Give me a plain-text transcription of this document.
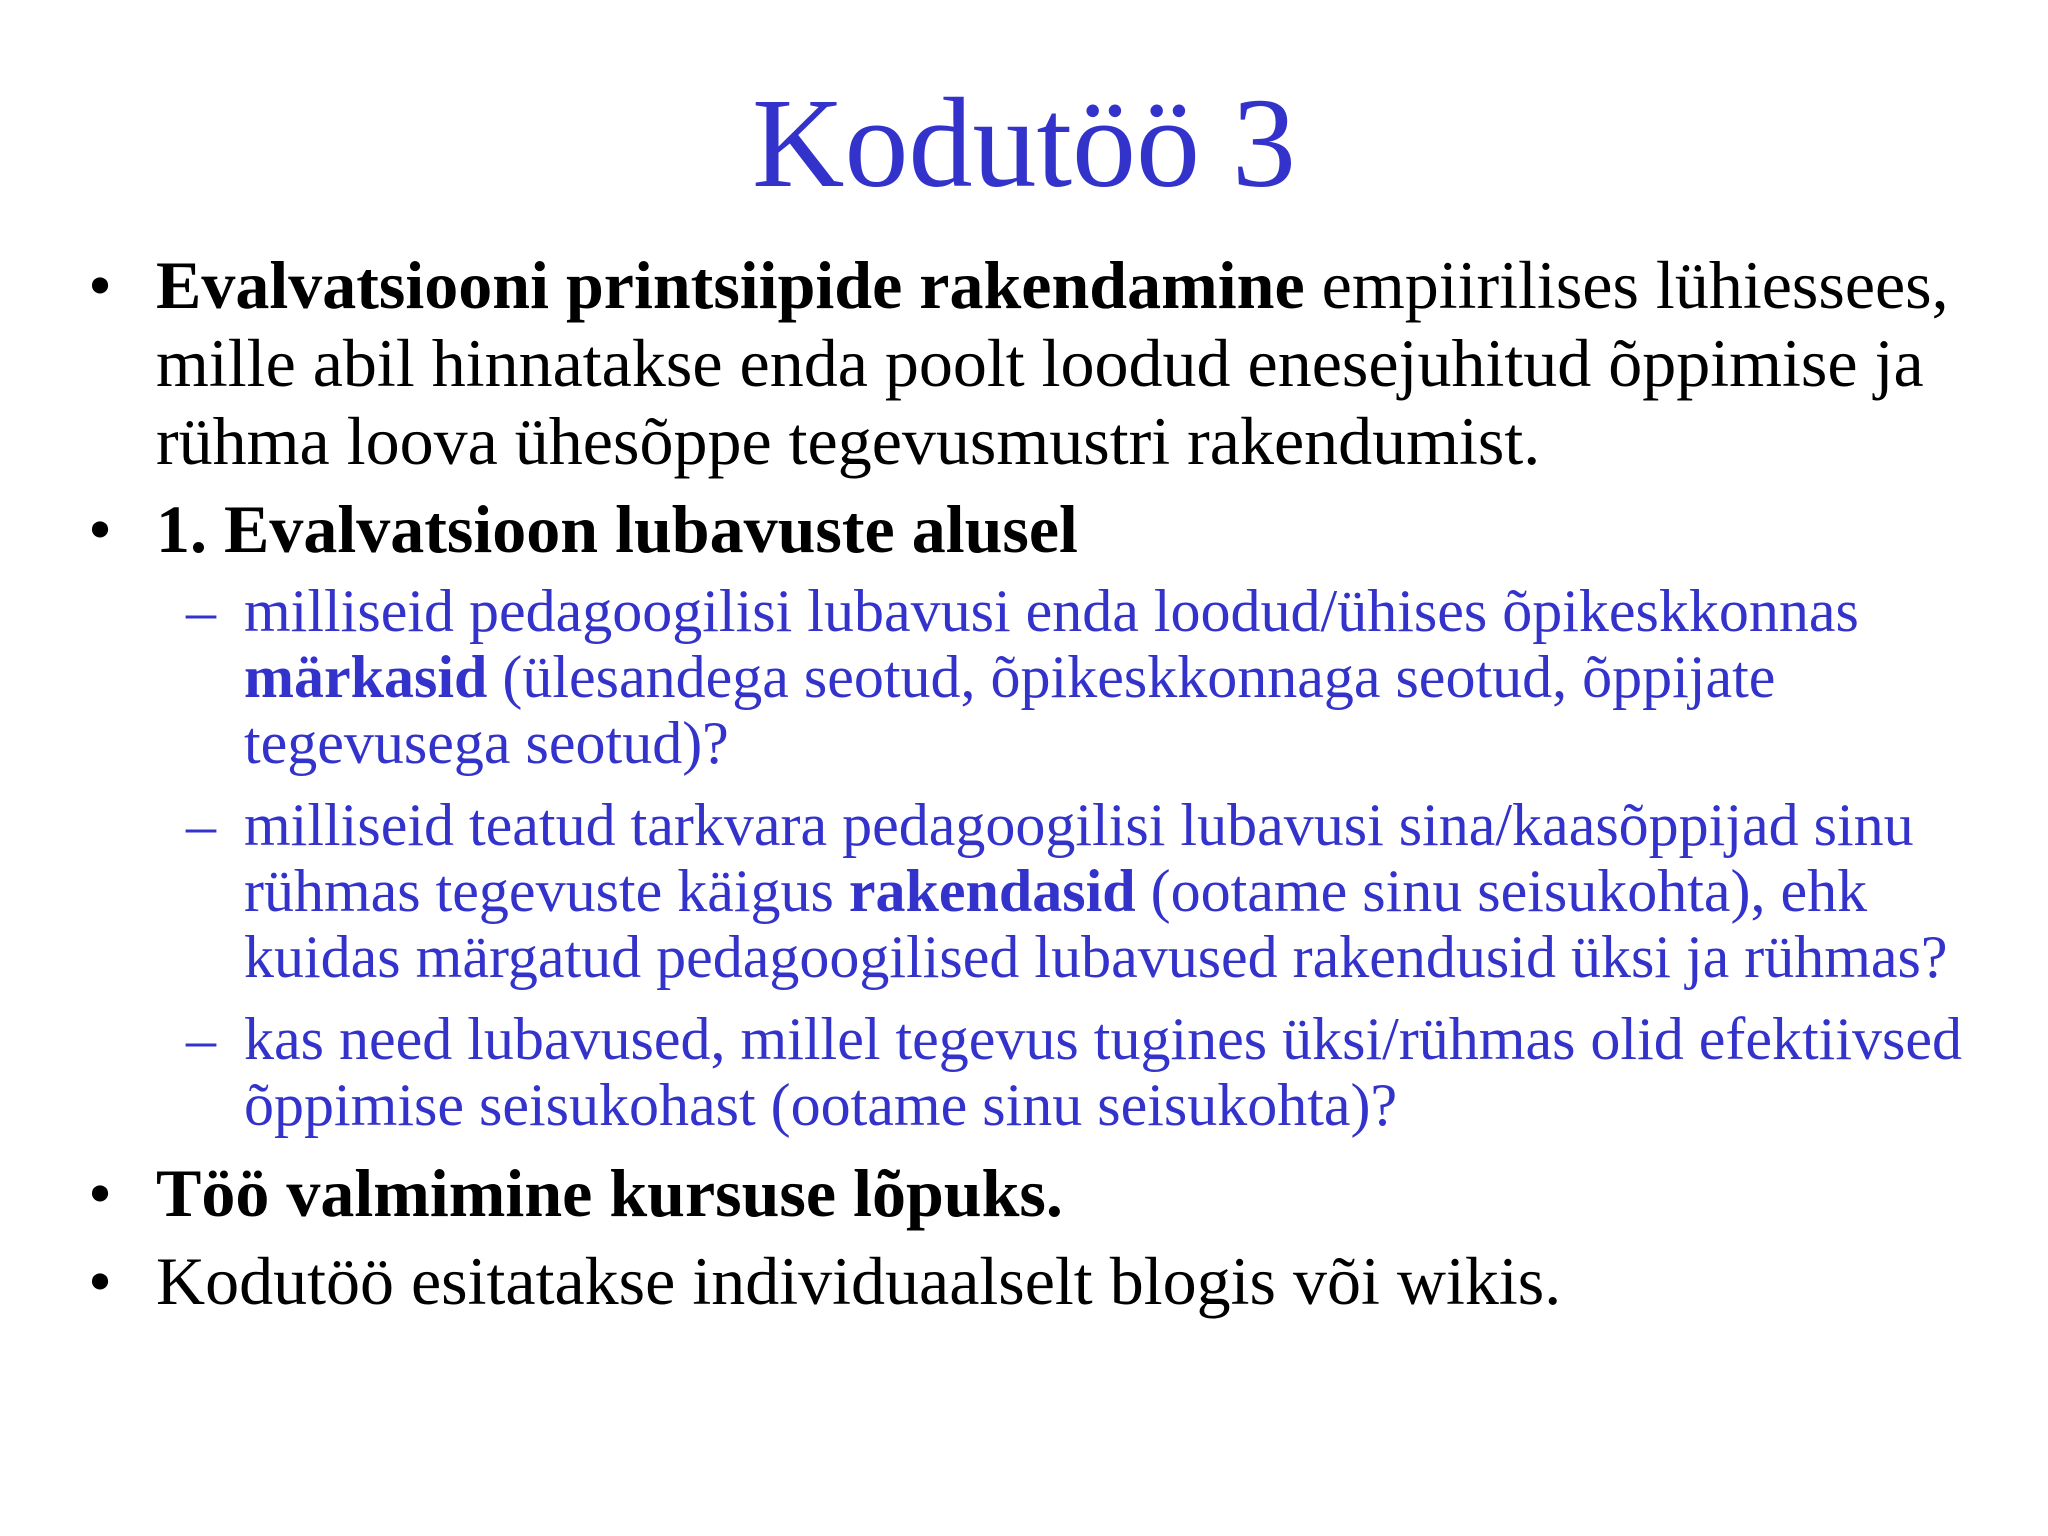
Kodutöö 3
• Evalvatsiooni printsiipide rakendamine empiirilises lühiessees, mille abil hinnatakse enda poolt loodud enesejuhitud õppimise ja rühma loova ühesõppe tegevusmustri rakendumist.
• 1. Evalvatsioon lubavuste alusel
– milliseid pedagoogilisi lubavusi enda loodud/ühises õpikeskkonnas märkasid (ülesandega seotud, õpikeskkonnaga seotud, õppijate tegevusega seotud)?
– milliseid teatud tarkvara pedagoogilisi lubavusi sina/kaasõppijad sinu rühmas tegevuste käigus rakendasid (ootame sinu seisukohta), ehk kuidas märgatud pedagoogilised lubavused rakendusid üksi ja rühmas?
– kas need lubavused, millel tegevus tugines üksi/rühmas olid efektiivsed õppimise seisukohast (ootame sinu seisukohta)?
• Töö valmimine kursuse lõpuks.
• Kodutöö esitatakse individuaalselt blogis või wikis.
